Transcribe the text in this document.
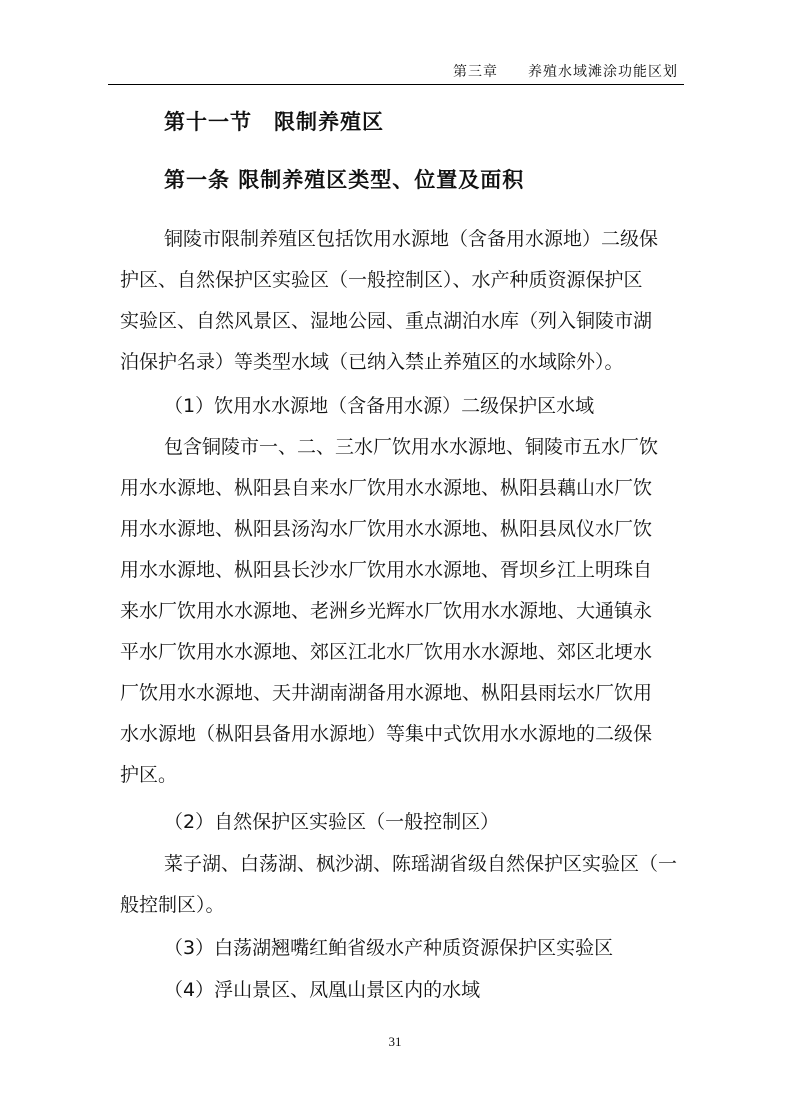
第三章　　养殖水域滩涂功能区划
第十一节　限制养殖区
第一条 限制养殖区类型、位置及面积
铜陵市限制养殖区包括饮用水源地（含备用水源地）二级保
护区、自然保护区实验区（一般控制区）、水产种质资源保护区
实验区、自然风景区、湿地公园、重点湖泊水库（列入铜陵市湖
泊保护名录）等类型水域（已纳入禁止养殖区的水域除外）。
（1）饮用水水源地（含备用水源）二级保护区水域
包含铜陵市一、二、三水厂饮用水水源地、铜陵市五水厂饮
用水水源地、枞阳县自来水厂饮用水水源地、枞阳县藕山水厂饮
用水水源地、枞阳县汤沟水厂饮用水水源地、枞阳县凤仪水厂饮
用水水源地、枞阳县长沙水厂饮用水水源地、胥坝乡江上明珠自
来水厂饮用水水源地、老洲乡光辉水厂饮用水水源地、大通镇永
平水厂饮用水水源地、郊区江北水厂饮用水水源地、郊区北埂水
厂饮用水水源地、天井湖南湖备用水源地、枞阳县雨坛水厂饮用
水水源地（枞阳县备用水源地）等集中式饮用水水源地的二级保
护区。
（2）自然保护区实验区（一般控制区）
菜子湖、白荡湖、枫沙湖、陈瑶湖省级自然保护区实验区（一
般控制区）。
（3）白荡湖翘嘴红鲌省级水产种质资源保护区实验区
（4）浮山景区、凤凰山景区内的水域
31
